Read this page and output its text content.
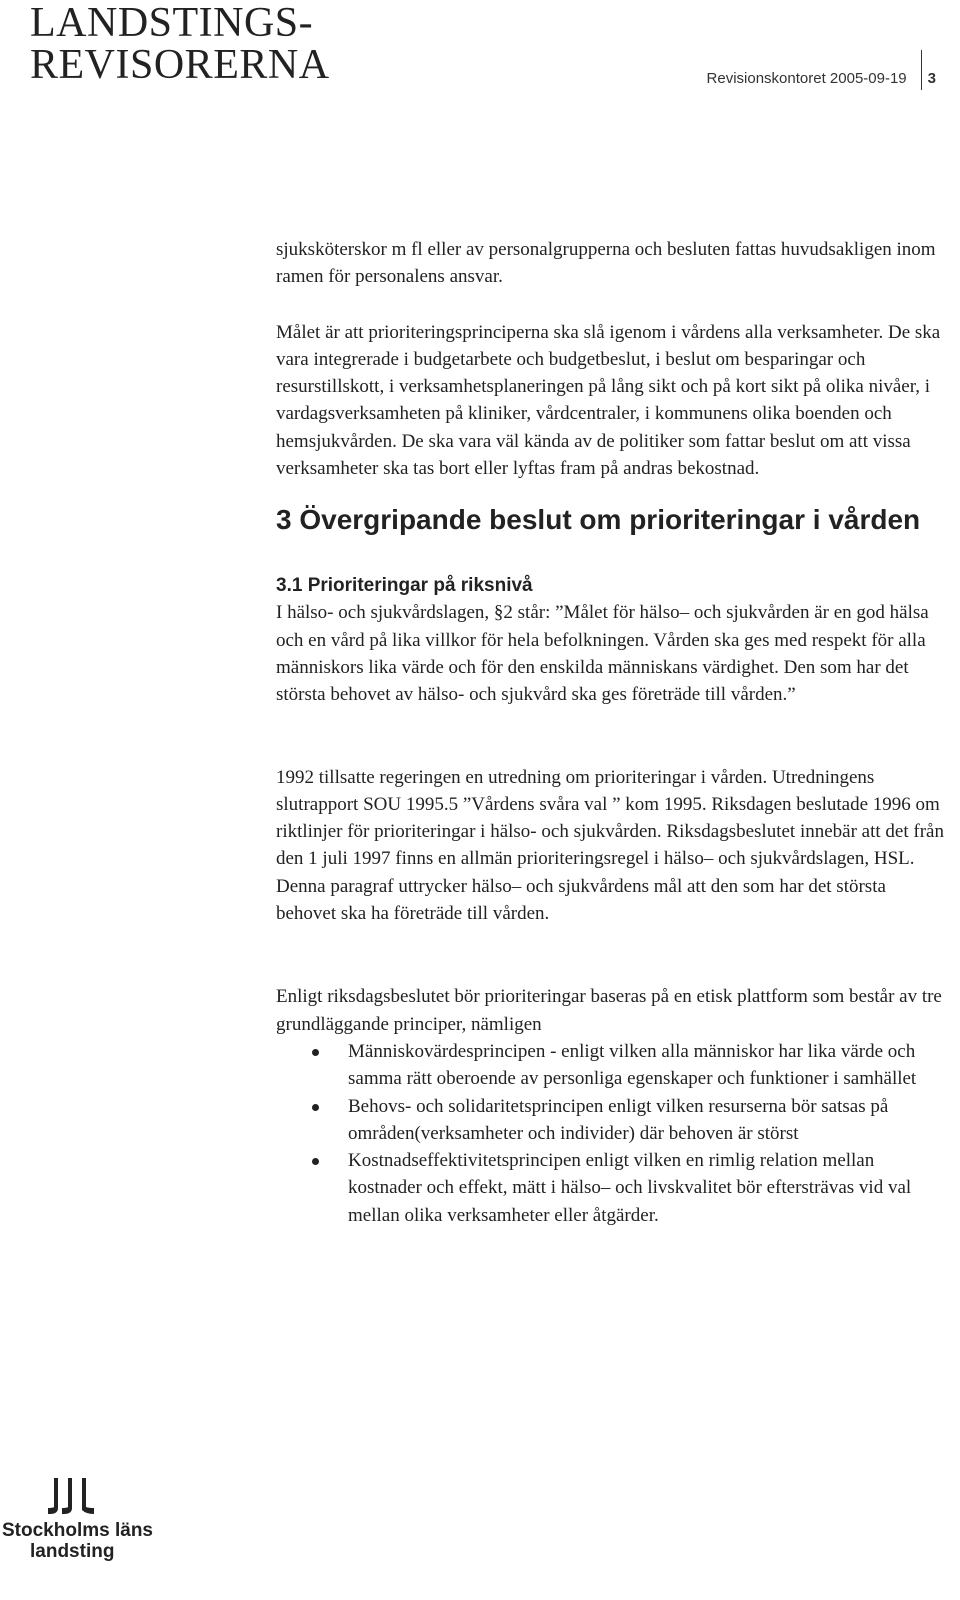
LANDSTINGS-
REVISORERNA	Revisionskontoret 2005-09-19 3

sjuksköterskor m fl eller av personalgrupperna och besluten fattas huvudsakligen inom ramen för personalens ansvar.

Målet är att prioriteringsprinciperna ska slå igenom i vårdens alla verksamheter. De ska vara integrerade i budgetarbete och budgetbeslut, i beslut om besparingar och resurstillskott, i verksamhetsplaneringen på lång sikt och på kort sikt på olika nivåer, i vardagsverksamheten på kliniker, vårdcentraler, i kommunens olika boenden och hemsjukvården. De ska vara väl kända av de politiker som fattar beslut om att vissa verksamheter ska tas bort eller lyftas fram på andras bekostnad.

3 Övergripande beslut om prioriteringar i vården
3.1 Prioriteringar på riksnivå

I hälso- och sjukvårdslagen, §2 står: ”Målet för hälso– och sjukvården är en god hälsa och en vård på lika villkor för hela befolkningen. Vården ska ges med respekt för alla människors lika värde och för den enskilda människans värdighet. Den som har det största behovet av hälso- och sjukvård ska ges företräde till vården.”

1992 tillsatte regeringen en utredning om prioriteringar i vården. Utredningens slutrapport SOU 1995.5 ”Vårdens svåra val ” kom 1995. Riksdagen beslutade 1996 om riktlinjer för prioriteringar i hälso- och sjukvården. Riksdagsbeslutet innebär att det från den 1 juli 1997 finns en allmän prioriteringsregel i hälso– och sjukvårdslagen, HSL. Denna paragraf uttrycker hälso– och sjukvårdens mål att den som har det största behovet ska ha företräde till vården.

Enligt riksdagsbeslutet bör prioriteringar baseras på en etisk plattform som består av tre grundläggande principer, nämligen

Människovärdesprincipen - enligt vilken alla människor har lika värde och samma rätt oberoende av personliga egenskaper och funktioner i samhället
Behovs- och solidaritetsprincipen enligt vilken resurserna bör satsas på områden(verksamheter och individer) där behoven är störst
Kostnadseffektivitetsprincipen enligt vilken en rimlig relation mellan kostnader och effekt, mätt i hälso– och livskvalitet bör eftersträvas vid val mellan olika verksamheter eller åtgärder.
Stockholms läns
landsting
